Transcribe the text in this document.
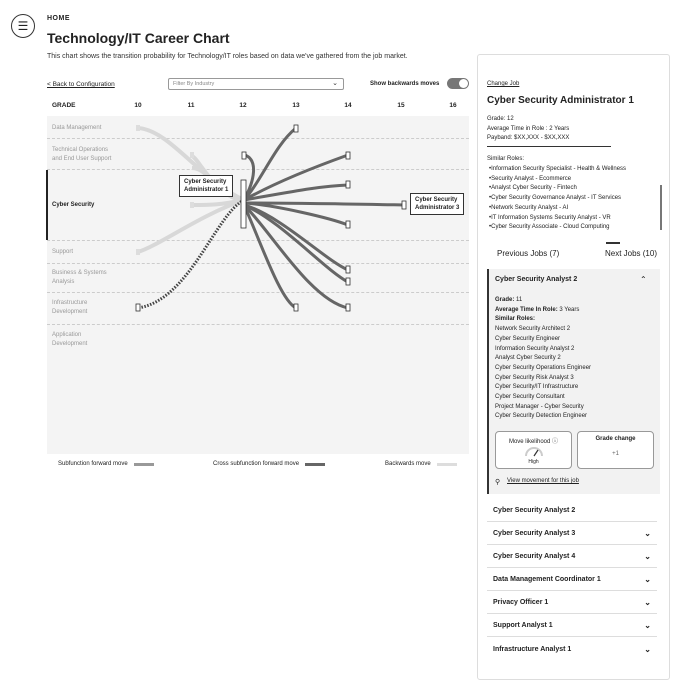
☰
HOME
Technology/IT Career Chart
This chart shows the transition probability for Technology/IT roles based on data we've gathered from the job market.
< Back to Configuration	Filter By Industry	⌄	Show backwards moves
GRADE	10	11	12	13	14	15	16
Data Management
Technical Operations
and End User Support
Cyber Security
Support
Business & Systems
Analysis
Infrastructure
Development
Application
Development
Cyber Security
Administrator 1
Cyber Security
Administrator 3
Subfunction forward move	Cross subfunction forward move	Backwards move
Change Job
Cyber Security Administrator 1
Grade: 12
Average Time in Role : 2 Years
Payband: $XX,XXX - $XX,XXX
Similar Roles:
•Information Security Specialist - Health & Wellness
•Security Analyst - Ecommerce
•Analyst Cyber Security - Fintech
•Cyber Security Governance Analyst - IT Services
•Network Security Analyst - AI
•IT Information Systems Security Analyst - VR
•Cyber Security Associate - Cloud Computing
Previous Jobs (7)	Next Jobs (10)
Cyber Security Analyst 2	⌃
Grade: 11
Average Time In Role: 3 Years
Similar Roles:
Network Security Architect 2
Cyber Security Engineer
Information Security Analyst 2
Analyst Cyber Security 2
Cyber Security Operations Engineer
Cyber Security Risk Analyst 3
Cyber Security/IT Infrastructure
Cyber Security Consultant
Project Manager - Cyber Security
Cyber Security Detection Engineer
Move likelihood ⓘ
High
Grade change
+1
⚲ View movement for this job
Cyber Security Analyst 2
Cyber Security Analyst 3	⌄
Cyber Security Analyst 4	⌄
Data Management Coordinator 1	⌄
Privacy Officer 1	⌄
Support Analyst 1	⌄
Infrastructure Analyst 1	⌄
